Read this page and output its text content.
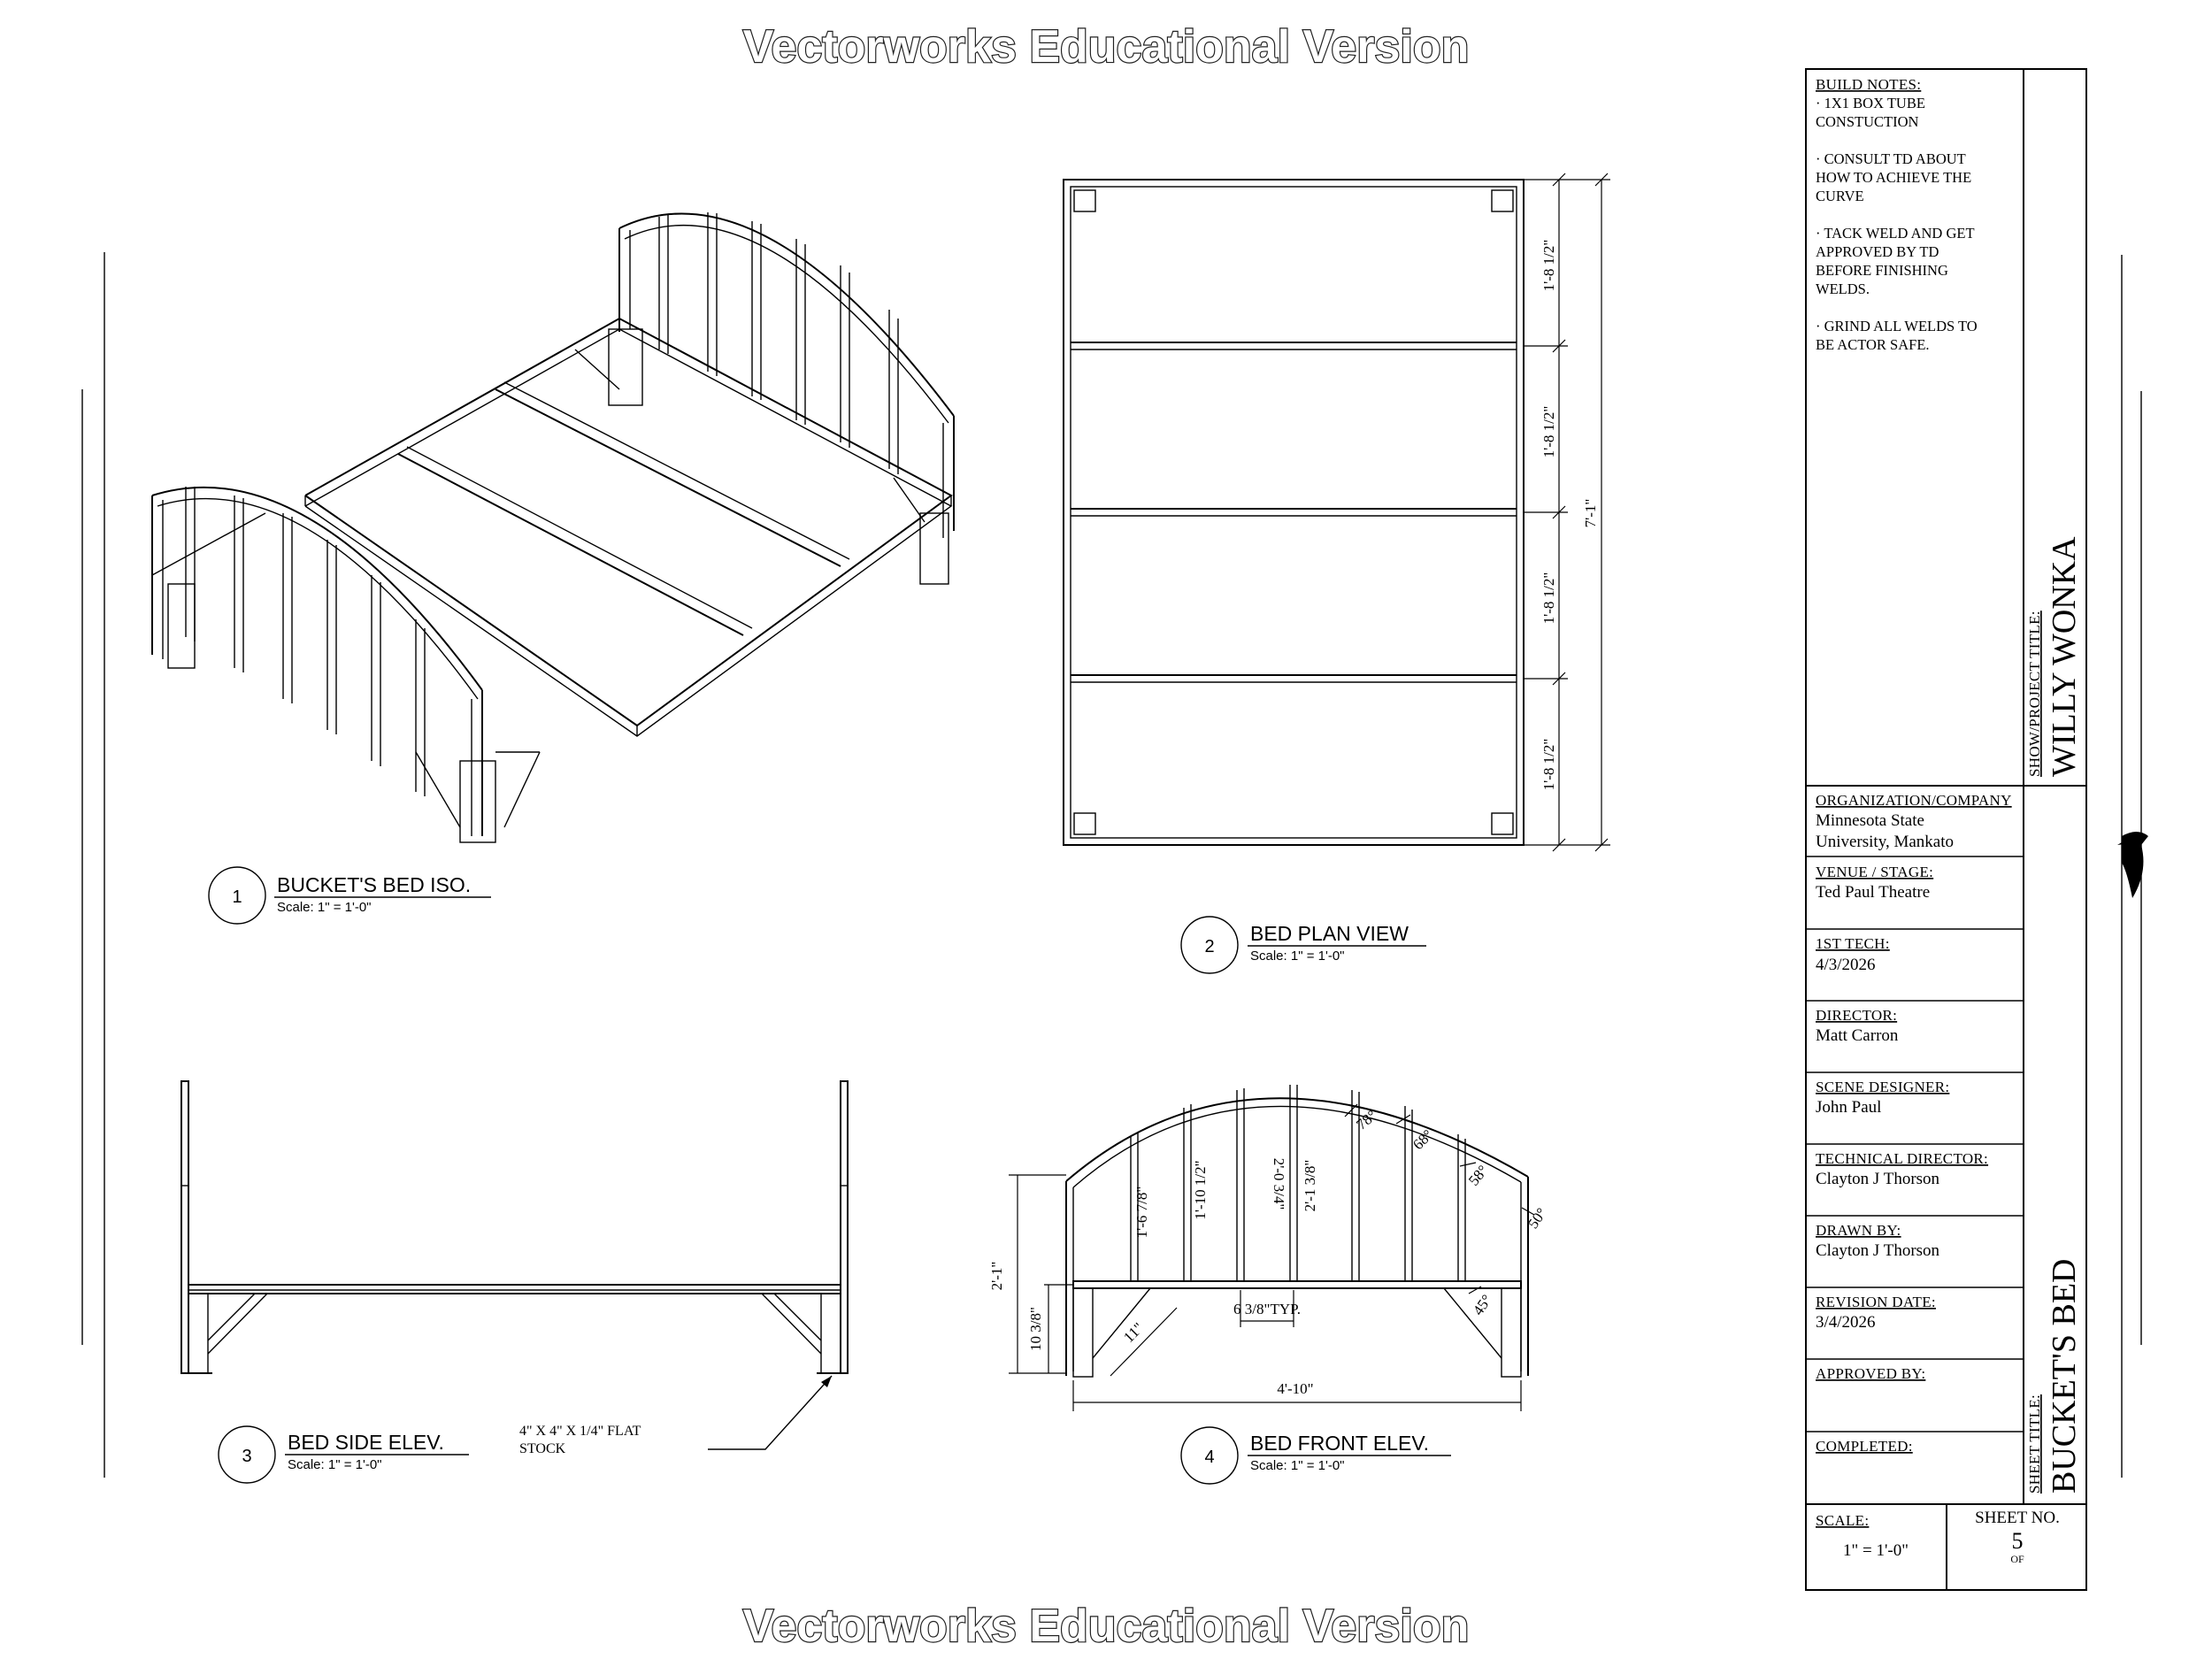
Vectorworks Educational Version
Vectorworks Educational Version
1
BUCKET'S BED ISO.
Scale: 1" = 1'-0"
1'-8 1/2"
1'-8 1/2"
1'-8 1/2"
1'-8 1/2"
7'-1"
2
BED PLAN VIEW
Scale: 1" = 1'-0"
4" X 4" X 1/4" FLAT
STOCK
3
BED SIDE ELEV.
Scale: 1" = 1'-0"
2'-1"
10 3/8"
4'-10"
11"
6 3/8"TYP.
1'-6 7/8"	1'-10 1/2"	2'-0 3/4" 2'-1 3/8"
78°
68°
58°
50°
45°
4
BED FRONT ELEV.
Scale: 1" = 1'-0"
BUILD NOTES:
· 1X1 BOX TUBE
CONSTUCTION
· CONSULT TD ABOUT
HOW TO ACHIEVE THE
CURVE
· TACK WELD AND GET
APPROVED BY TD
BEFORE FINISHING
WELDS.
· GRIND ALL WELDS TO
BE ACTOR SAFE.
SHOW/PROJECT TITLE: WILLY WONKA
ORGANIZATION/COMPANY
Minnesota State
University, Mankato
VENUE / STAGE:
Ted Paul Theatre
1ST TECH:
4/3/2026
DIRECTOR:
Matt Carron
SCENE DESIGNER:
John Paul
TECHNICAL DIRECTOR:
Clayton J Thorson
DRAWN BY:
Clayton J Thorson
REVISION DATE:
3/4/2026
APPROVED BY:
COMPLETED:	SHEET TITLE: BUCKET'S BED
SCALE:
1" = 1'-0"
SHEET NO.
5
OF
